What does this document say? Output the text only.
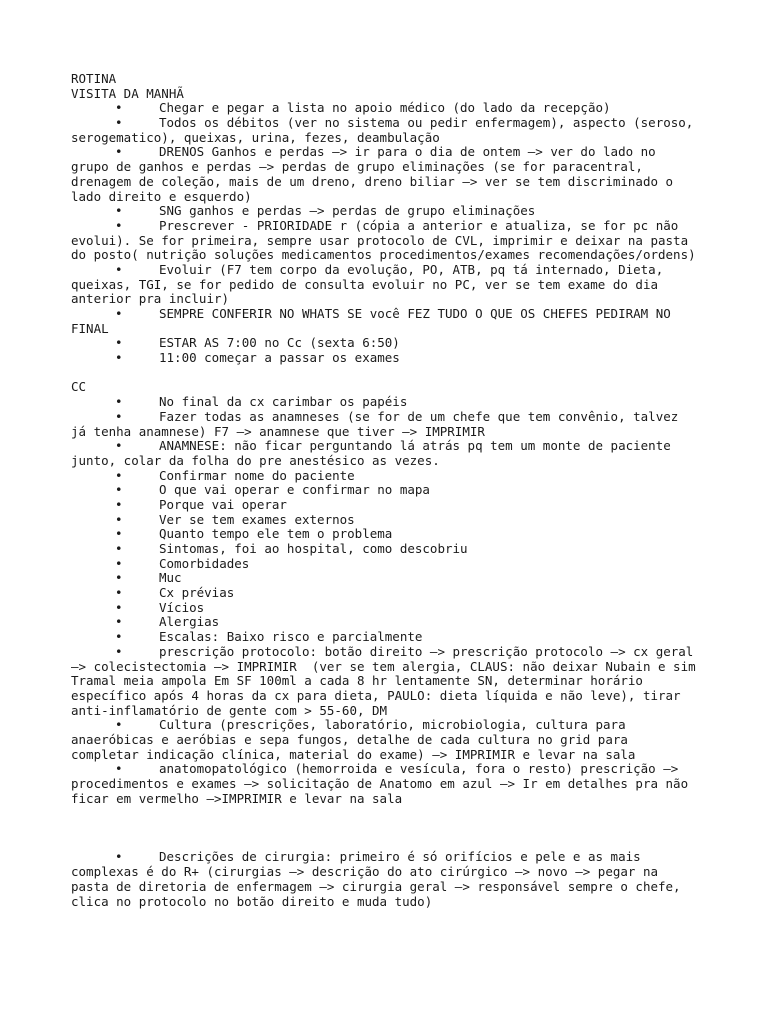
ROTINA
VISITA DA MANHÃ
•	Chegar e pegar a lista no apoio médico (do lado da recepção)
•	Todos os débitos (ver no sistema ou pedir enfermagem), aspecto (seroso,
serogematico), queixas, urina, fezes, deambulação
•	DRENOS Ganhos e perdas —> ir para o dia de ontem —> ver do lado no
grupo de ganhos e perdas —> perdas de grupo eliminações (se for paracentral,
drenagem de coleção, mais de um dreno, dreno biliar —> ver se tem discriminado o
lado direito e esquerdo)
•	SNG ganhos e perdas —> perdas de grupo eliminações
•	Prescrever - PRIORIDADE r (cópia a anterior e atualiza, se for pc não
evolui). Se for primeira, sempre usar protocolo de CVL, imprimir e deixar na pasta
do posto( nutrição soluções medicamentos procedimentos/exames recomendações/ordens)
•	Evoluir (F7 tem corpo da evolução, PO, ATB, pq tá internado, Dieta,
queixas, TGI, se for pedido de consulta evoluir no PC, ver se tem exame do dia
anterior pra incluir)
•	SEMPRE CONFERIR NO WHATS SE você FEZ TUDO O QUE OS CHEFES PEDIRAM NO
FINAL
•	ESTAR AS 7:00 no Cc (sexta 6:50)
•	11:00 começar a passar os exames
CC
•	No final da cx carimbar os papéis
•	Fazer todas as anamneses (se for de um chefe que tem convênio, talvez
já tenha anamnese) F7 —> anamnese que tiver —> IMPRIMIR
•	ANAMNESE: não ficar perguntando lá atrás pq tem um monte de paciente
junto, colar da folha do pre anestésico as vezes.
•	Confirmar nome do paciente
•	O que vai operar e confirmar no mapa
•	Porque vai operar
•	Ver se tem exames externos
•	Quanto tempo ele tem o problema
•	Sintomas, foi ao hospital, como descobriu
•	Comorbidades
•	Muc
•	Cx prévias
•	Vícios
•	Alergias
•	Escalas: Baixo risco e parcialmente
•	prescrição protocolo: botão direito —> prescrição protocolo —> cx geral
—> colecistectomia —> IMPRIMIR  (ver se tem alergia, CLAUS: não deixar Nubain e sim
Tramal meia ampola Em SF 100ml a cada 8 hr lentamente SN, determinar horário
específico após 4 horas da cx para dieta, PAULO: dieta líquida e não leve), tirar
anti-inflamatório de gente com > 55-60, DM
•	Cultura (prescrições, laboratório, microbiologia, cultura para
anaeróbicas e aeróbias e sepa fungos, detalhe de cada cultura no grid para
completar indicação clínica, material do exame) —> IMPRIMIR e levar na sala
•	anatomopatológico (hemorroida e vesícula, fora o resto) prescrição —>
procedimentos e exames —> solicitação de Anatomo em azul —> Ir em detalhes pra não
ficar em vermelho —>IMPRIMIR e levar na sala
•	Descrições de cirurgia: primeiro é só orifícios e pele e as mais
complexas é do R+ (cirurgias —> descrição do ato cirúrgico —> novo —> pegar na
pasta de diretoria de enfermagem —> cirurgia geral —> responsável sempre o chefe,
clica no protocolo no botão direito e muda tudo)
